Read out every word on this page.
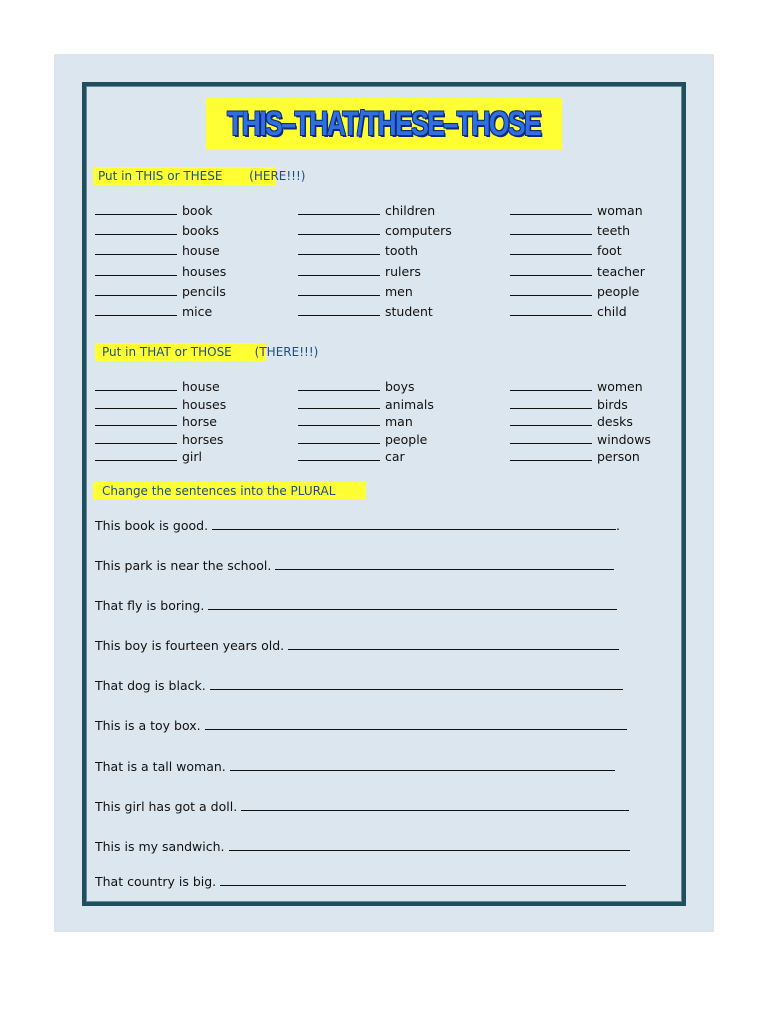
THIS–THAT/THESE–THOSE
Put in THIS or THESE       (HERE!!!)
Put in THAT or THOSE      (THERE!!!)
Change the sentences into the PLURAL
book
books
house
houses
pencils
mice
children
computers
tooth
rulers
men
student
woman
teeth
foot
teacher
people
child
house
houses
horse
horses
girl
boys
animals
man
people
car
women
birds
desks
windows
person
This book is good.	.
This park is near the school.
That fly is boring.
This boy is fourteen years old.
That dog is black.
This is a toy box.
That is a tall woman.
This girl has got a doll.
This is my sandwich.
That country is big.
